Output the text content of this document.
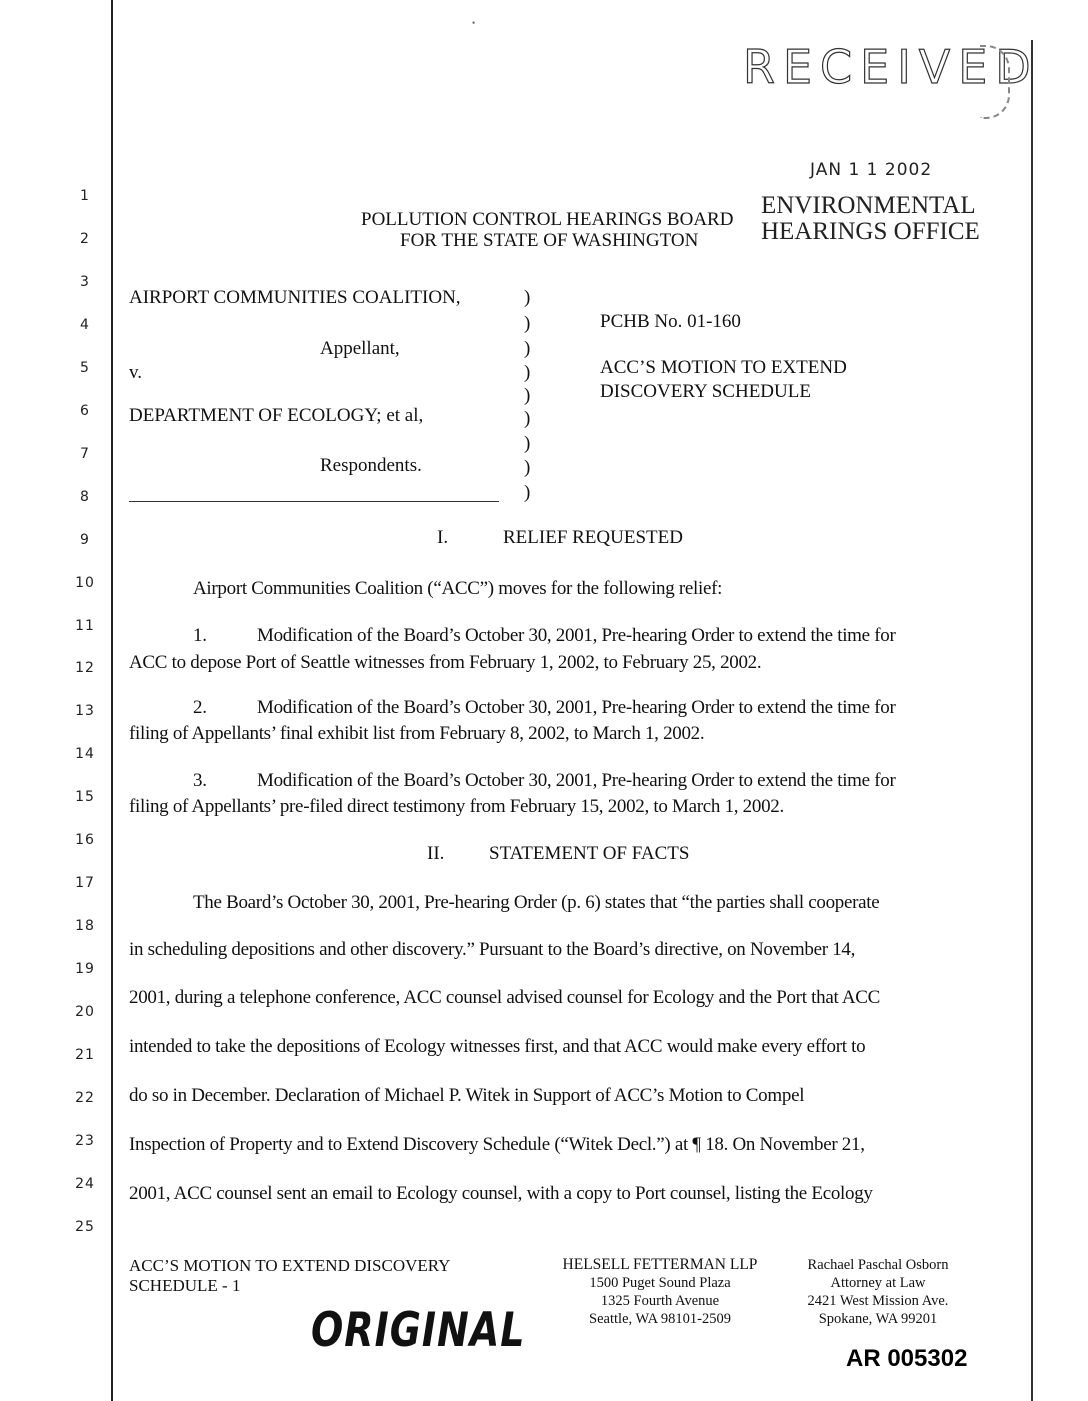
•
1
2
3
4
5
6
7
8
9
10
11
12
13
14
15
16
17
18
19
20
21
22
23
24
25
RECEIVED
JAN 1 1 2002
ENVIRONMENTAL
HEARINGS OFFICE
POLLUTION CONTROL HEARINGS BOARD
FOR THE STATE OF WASHINGTON
AIRPORT COMMUNITIES COALITION,
Appellant,
v.
DEPARTMENT OF ECOLOGY; et al,
Respondents.
)
)
)
)
)
)
)
)
)
PCHB No. 01-160
ACC’S MOTION TO EXTEND
DISCOVERY SCHEDULE
I.	RELIEF REQUESTED
Airport Communities Coalition (“ACC”) moves for the following relief:
1.	Modification of the Board’s October 30, 2001, Pre-hearing Order to extend the time for
ACC to depose Port of Seattle witnesses from February 1, 2002, to February 25, 2002.
2.	Modification of the Board’s October 30, 2001, Pre-hearing Order to extend the time for
filing of Appellants’ final exhibit list from February 8, 2002, to March 1, 2002.
3.	Modification of the Board’s October 30, 2001, Pre-hearing Order to extend the time for
filing of Appellants’ pre-filed direct testimony from February 15, 2002, to March 1, 2002.
II. STATEMENT OF FACTS
The Board’s October 30, 2001, Pre-hearing Order (p. 6) states that “the parties shall cooperate
in scheduling depositions and other discovery.” Pursuant to the Board’s directive, on November 14,
2001, during a telephone conference, ACC counsel advised counsel for Ecology and the Port that ACC
intended to take the depositions of Ecology witnesses first, and that ACC would make every effort to
do so in December. Declaration of Michael P. Witek in Support of ACC’s Motion to Compel
Inspection of Property and to Extend Discovery Schedule (“Witek Decl.”) at ¶ 18. On November 21,
2001, ACC counsel sent an email to Ecology counsel, with a copy to Port counsel, listing the Ecology
ACC’S MOTION TO EXTEND DISCOVERY
SCHEDULE - 1
ORIGINAL
HELSELL FETTERMAN LLP
1500 Puget Sound Plaza
1325 Fourth Avenue
Seattle, WA 98101-2509
Rachael Paschal Osborn
Attorney at Law
2421 West Mission Ave.
Spokane, WA 99201
AR 005302
